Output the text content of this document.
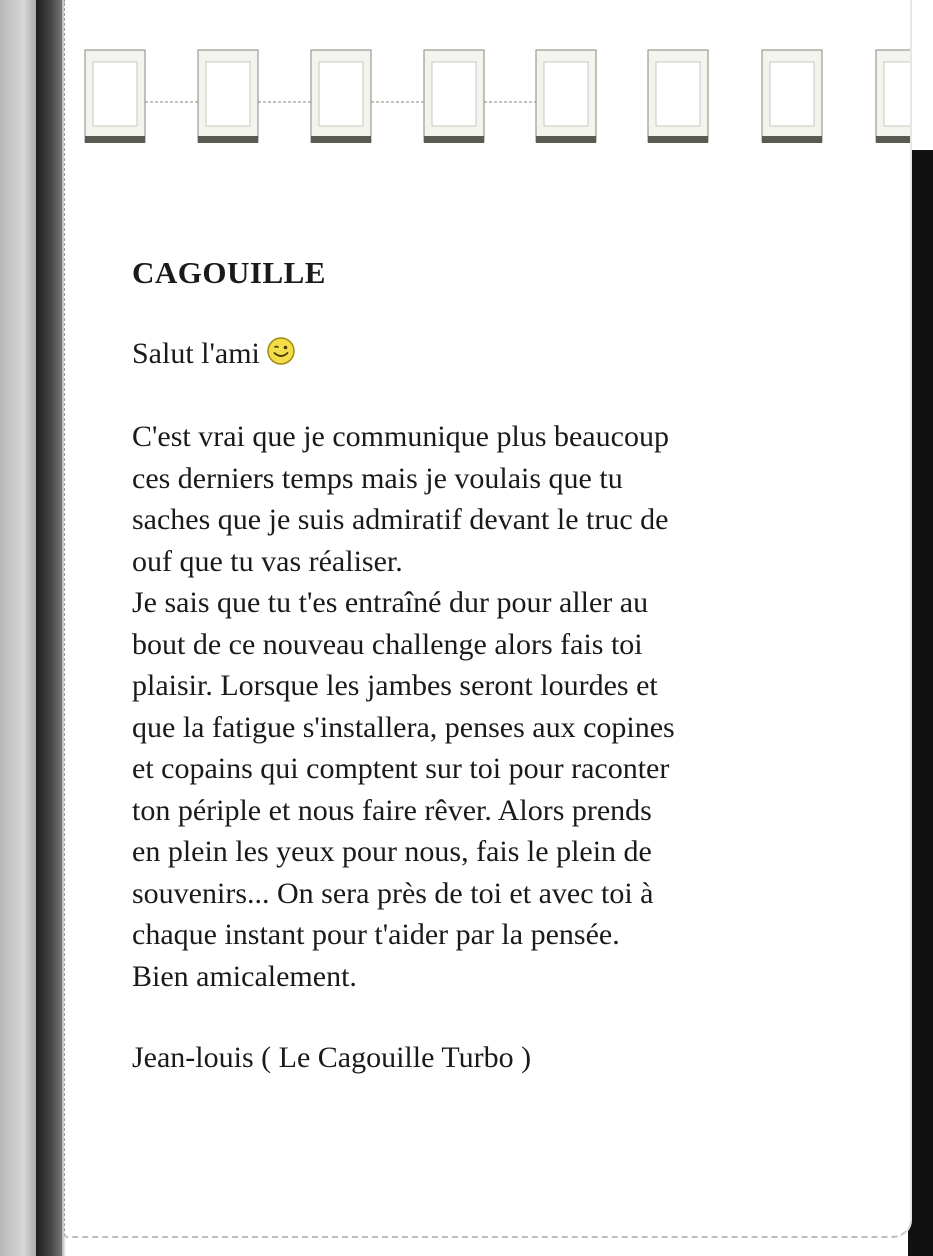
CAGOUILLE

Salut l'ami

C'est vrai que je communique plus beaucoup
ces derniers temps mais je voulais que tu
saches que je suis admiratif devant le truc de
ouf que tu vas réaliser.
Je sais que tu t'es entraîné dur pour aller au
bout de ce nouveau challenge alors fais toi
plaisir. Lorsque les jambes seront lourdes et
que la fatigue s'installera, penses aux copines
et copains qui comptent sur toi pour raconter
ton périple et nous faire rêver. Alors prends
en plein les yeux pour nous, fais le plein de
souvenirs... On sera près de toi et avec toi à
chaque instant pour t'aider par la pensée.
Bien amicalement.

Jean-louis ( Le Cagouille Turbo )
